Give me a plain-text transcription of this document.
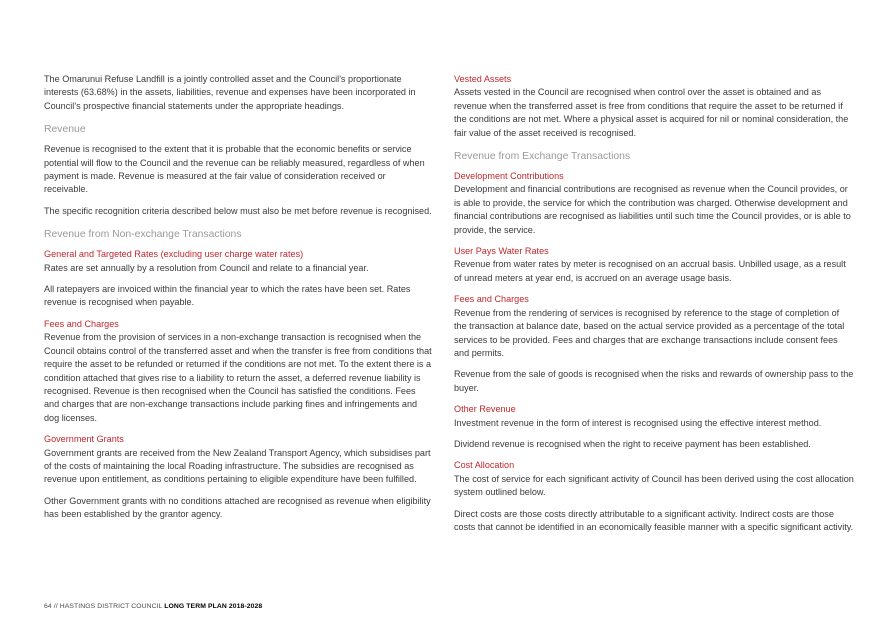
The Omarunui Refuse Landfill is a jointly controlled asset and the Council's proportionate interests (63.68%) in the assets, liabilities, revenue and expenses have been incorporated in Council's prospective financial statements under the appropriate headings.

Revenue

Revenue is recognised to the extent that it is probable that the economic benefits or service potential will flow to the Council and the revenue can be reliably measured, regardless of when payment is made. Revenue is measured at the fair value of consideration received or receivable.

The specific recognition criteria described below must also be met before revenue is recognised.

Revenue from Non-exchange Transactions
General and Targeted Rates (excluding user charge water rates)

Rates are set annually by a resolution from Council and relate to a financial year.

All ratepayers are invoiced within the financial year to which the rates have been set. Rates revenue is recognised when payable.

Fees and Charges

Revenue from the provision of services in a non-exchange transaction is recognised when the Council obtains control of the transferred asset and when the transfer is free from conditions that require the asset to be refunded or returned if the conditions are not met. To the extent there is a condition attached that gives rise to a liability to return the asset, a deferred revenue liability is recognised. Revenue is then recognised when the Council has satisfied the conditions. Fees and charges that are non-exchange transactions include parking fines and infringements and dog licenses.

Government Grants

Government grants are received from the New Zealand Transport Agency, which subsidises part of the costs of maintaining the local Roading infrastructure. The subsidies are recognised as revenue upon entitlement, as conditions pertaining to eligible expenditure have been fulfilled.

Other Government grants with no conditions attached are recognised as revenue when eligibility has been established by the grantor agency.

Vested Assets

Assets vested in the Council are recognised when control over the asset is obtained and as revenue when the transferred asset is free from conditions that require the asset to be returned if the conditions are not met. Where a physical asset is acquired for nil or nominal consideration, the fair value of the asset received is recognised.

Revenue from Exchange Transactions
Development Contributions

Development and financial contributions are recognised as revenue when the Council provides, or is able to provide, the service for which the contribution was charged. Otherwise development and financial contributions are recognised as liabilities until such time the Council provides, or is able to provide, the service.

User Pays Water Rates

Revenue from water rates by meter is recognised on an accrual basis. Unbilled usage, as a result of unread meters at year end, is accrued on an average usage basis.

Fees and Charges

Revenue from the rendering of services is recognised by reference to the stage of completion of the transaction at balance date, based on the actual service provided as a percentage of the total services to be provided. Fees and charges that are exchange transactions include consent fees and permits.

Revenue from the sale of goods is recognised when the risks and rewards of ownership pass to the buyer.

Other Revenue

Investment revenue in the form of interest is recognised using the effective interest method.

Dividend revenue is recognised when the right to receive payment has been established.

Cost Allocation

The cost of service for each significant activity of Council has been derived using the cost allocation system outlined below.

Direct costs are those costs directly attributable to a significant activity. Indirect costs are those costs that cannot be identified in an economically feasible manner with a specific significant activity.

64 // HASTINGS DISTRICT COUNCIL LONG TERM PLAN 2018-2028
